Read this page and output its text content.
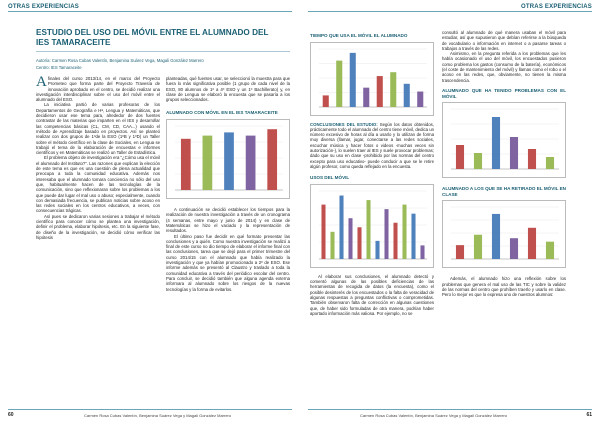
OTRAS EXPERIENCIAS
ESTUDIO DEL USO DEL MÓVIL ENTRE EL ALUMNADO DEL IES TAMARACEITE
Autoría: Carmen Rosa Cubas Valentín, Benjamina Suárez Vega, Magali González Marrero
Centro: IES Tamaraceite
A finales del curso 2013/14, en el marco del Proyecto Prometeo que forma parte del Proyecto Travesía de innovación aprobado en el centro, se decidió realizar una investigación interdisciplinar sobre el uso del móvil entre el alumnado del ESO.

La iniciativa partió de varias profesoras de los Departamentos de Geografía e Hª, Lengua y Matemáticas, que decidieron usar ese tema para, alrededor de dos fuentes contrastar de las materias que imparten en el IES y desarrollar las competencias básicas (CL, CM, CD, CAA...) usando el método de Aprendizaje basado en proyectos. Así se planteó realizar con dos grupos de 1ºde la ESO (1ºB y 1ºD) un Taller sobre el método científico en la clase de Sociales, en Lengua se trabajó el tema de la elaboración de encuestas e informes científicos y en Matemáticas se realizó un Taller de Estadística.

El problema objeto de investigación era “¿Cómo usa el móvil el alumnado del Instituto?”. Las razones que explican la elección de este tema es que es una cuestión de plena actualidad que preocupa a toda la comunidad educativa. Además nos interesaba que el alumnado tomara conciencia no sólo del uso que, habitualmente hacen de las tecnologías de la comunicación, sino que reflexionaran sobre los problemas a los que puede dar lugar el mal uso o abuso; especialmente, cuando con demasiada frecuencia, se publican noticias sobre acoso en las redes sociales en los centros educativos, a veces, con consecuencias trágicas.

Así pues se dedicaron varias sesiones a trabajar el método científico para conocer cómo se plantea una investigación, definir el problema, elaborar hipótesis, etc. En la siguiente fase, de diseño de la investigación, se decidió cómo verificar las hipótesis

planteadas, qué fuentes usar, se seleccionó la muestra para que fuera lo más significativa posible (1 grupo de cada nivel de la ESO, 80 alumnos de 1º a 4º ESO y un 1º Bachillerato) y, en clase de Lengua se elaboró la encuesta que se pasaría a los grupos seleccionados.

ALUMNADO CON MÓVIL EN EL IES TAMARACEITE

A continuación se decidió establecer los tiempos para la realización de nuestra investigación a través de un cronograma (4 semanas, entre mayo y junio de 2014) y en clase de Matemáticas se hizo el vaciado y la representación de resultados.

El último paso fue decidir en qué formato presentar las conclusiones y a quién. Como nuestra investigación se realizó a final de este curso no dio tiempo de elaborar el informe final con las conclusiones, tarea que se dejó para el primer trimestre del curso 2014/15 con el alumnado que había realizado la investigación y que ya habían promocionado a 2º de ESO. Ese informe además se presentó al Claustro y traslado a toda la comunidad educativa a través del periódico escolar del centro. Para concluir, se decidió también que alguna agenda externa informara al alumnado sobre los riesgos de la nuevas tecnologías y la forma de evitarlos.

60	Carmen Rosa Cubas Valentín, Benjamina Suárez Vega y Magali González Marrero
OTRAS EXPERIENCIAS
TIEMPO QUE USA EL MÓVIL EL ALUMNADO

CONCLUSIONES DEL ESTUDIO: Según los datos obtenidos, prácticamente todo el alumnado del centro tiene móvil, dedica un número excesivo de horas al día a usarlo y lo utilizan de forma muy diversa (llamar, jugar, conectarse a las redes sociales, escuchar música y hacer fotos o videos -muchas veces sin autorización-), lo suelen traer al IES y suele provocar problemas; dado que su uso en clase -prohibido por las normas del centro excepto para uso educativo- puede conducir a que se le retire algún profesor, como queda reflejado en la encuesta.

USOS DEL MÓVIL

Al elaborar sus conclusiones, el alumnado detectó y comentó algunas de las posibles deficiencias de las herramientas de recogida de datos (la encuesta), como el posible desinterés de los encuestados o la falta de veracidad de algunas respuestas a preguntas conflictivas o comprometidas. También observaron falta de corrección en algunas cuestiones que, de haber sido formuladas de otra manera, podrían haber aportado información más valiosa. Por ejemplo, no se

consultó al alumnado de qué manera usaban el móvil para estudiar, así que supusieron que debían referirse a la búsqueda de vocabulario o información en internet o a pasarse tareas o trabajos a través de las redes.

Asimismo, en la pregunta referida a los problemas que les había ocasionado el uso del móvil, los encuestados pusieron como problema los gastos (consumo de la batería), económicos (el coste de mantenimiento del móvil) y llamas como el robo o el acoso en las redes, que, obviamente, no tienen la misma trascendencia.

ALUMNADO QUE HA TENIDO PROBLEMAS CON EL MÓVIL
ALUMNADO A LOS QUE SE HA RETIRADO EL MÓVIL EN CLASE

Además, el alumnado hizo una reflexión sobre los problemas que genera el mal uso de las TIC y sobre la validez de las normas del centro que prohíben traerlo y usarlo en clase. Pero lo mejor es que lo expresa uno de nuestros alumnos:

Carmen Rosa Cubas Valentín, Benjamina Suárez Vega y Magali González Marrero	61
